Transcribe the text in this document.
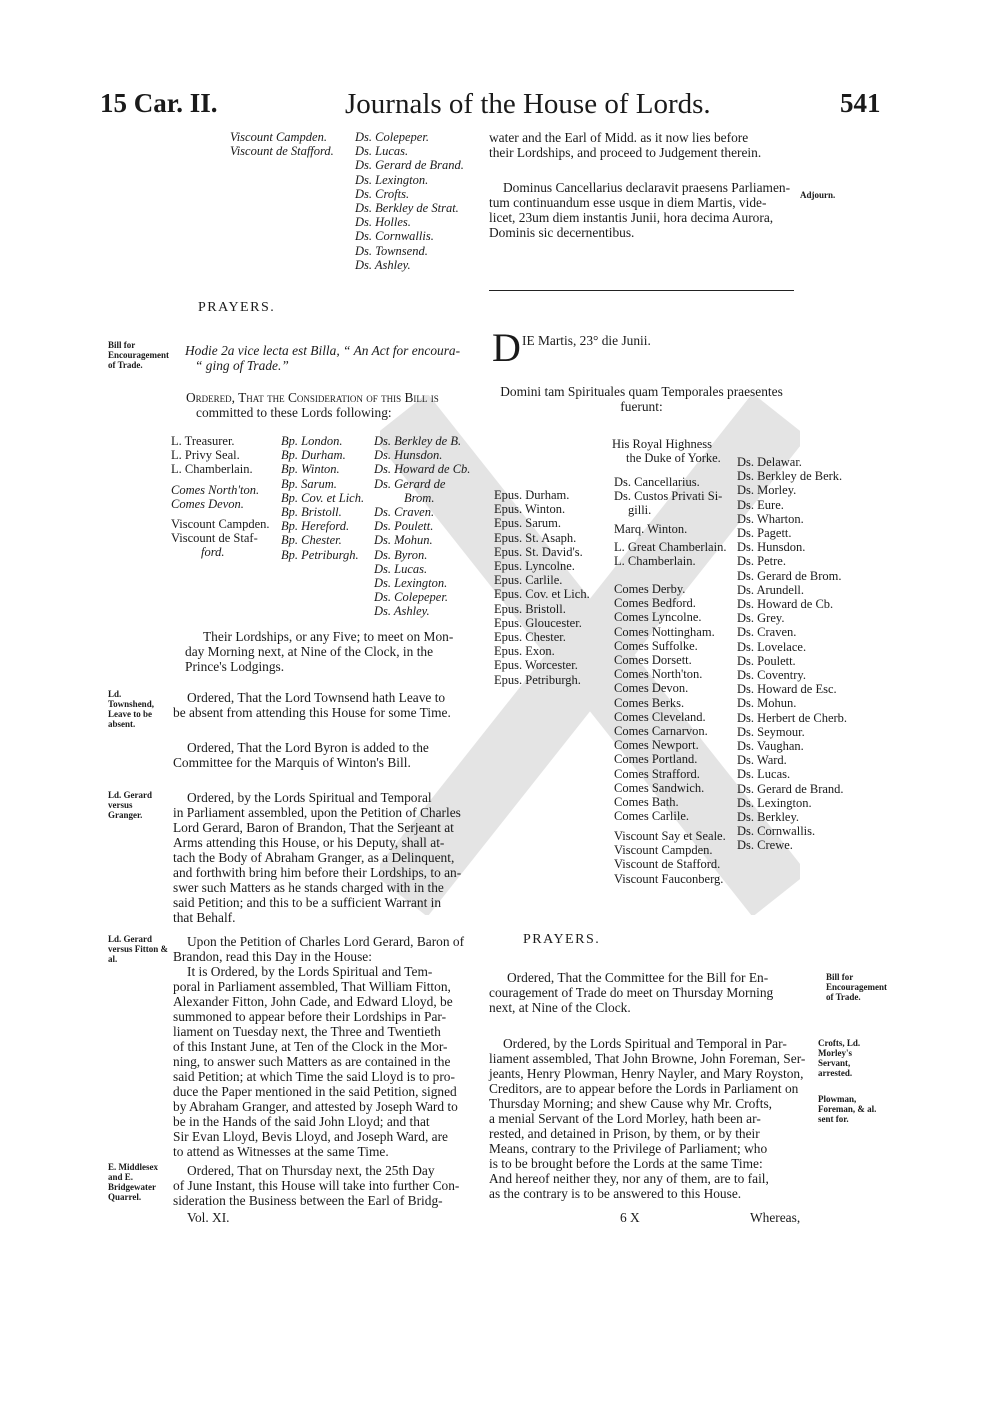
15 Car. II.	Journals of the House of Lords.	541
Viscount Campden.
Viscount de Stafford.
Ds. Colepeper.
Ds. Lucas.
Ds. Gerard de Brand.
Ds. Lexington.
Ds. Crofts.
Ds. Berkley de Strat.
Ds. Holles.
Ds. Cornwallis.
Ds. Townsend.
Ds. Ashley.
PRAYERS.
Bill for Encouragement of Trade.
Hodie 2a vice lecta est Billa, “ An Act for encoura-
“ ging of Trade.”
Ordered, That the Consideration of this Bill is
committed to these Lords following:
L. Treasurer.
L. Privy Seal.
L. Chamberlain.
Comes North'ton.
Comes Devon.
Viscount Campden.
Viscount de Staf-
ford.
Bp. London.
Bp. Durham.
Bp. Winton.
Bp. Sarum.
Bp. Cov. et Lich.
Bp. Bristoll.
Bp. Hereford.
Bp. Chester.
Bp. Petriburgh.
Ds. Berkley de B.
Ds. Hunsdon.
Ds. Howard de Cb.
Ds. Gerard de
Brom.
Ds. Craven.
Ds. Poulett.
Ds. Mohun.
Ds. Byron.
Ds. Lucas.
Ds. Lexington.
Ds. Colepeper.
Ds. Ashley.
Their Lordships, or any Five; to meet on Mon-
day Morning next, at Nine of the Clock, in the
Prince's Lodgings.
Ld. Townshend, Leave to be absent.
Ordered, That the Lord Townsend hath Leave to
be absent from attending this House for some Time.
Ordered, That the Lord Byron is added to the
Committee for the Marquis of Winton's Bill.
Ld. Gerard versus Granger.
Ordered, by the Lords Spiritual and Temporal
in Parliament assembled, upon the Petition of Charles
Lord Gerard, Baron of Brandon, That the Serjeant at
Arms attending this House, or his Deputy, shall at-
tach the Body of Abraham Granger, as a Delinquent,
and forthwith bring him before their Lordships, to an-
swer such Matters as he stands charged with in the
said Petition; and this to be a sufficient Warrant in
that Behalf.
Ld. Gerard versus Fitton & al.
Upon the Petition of Charles Lord Gerard, Baron of
Brandon, read this Day in the House:
It is Ordered, by the Lords Spiritual and Tem-
poral in Parliament assembled, That William Fitton,
Alexander Fitton, John Cade, and Edward Lloyd, be
summoned to appear before their Lordships in Par-
liament on Tuesday next, the Three and Twentieth
of this Instant June, at Ten of the Clock in the Mor-
ning, to answer such Matters as are contained in the
said Petition; at which Time the said Lloyd is to pro-
duce the Paper mentioned in the said Petition, signed
by Abraham Granger, and attested by Joseph Ward to
be in the Hands of the said John Lloyd; and that
Sir Evan Lloyd, Bevis Lloyd, and Joseph Ward, are
to attend as Witnesses at the same Time.
E. Middlesex and E. Bridgewater Quarrel.
Ordered, That on Thursday next, the 25th Day
of June Instant, this House will take into further Con-
sideration the Business between the Earl of Bridg-
Vol. XI.
water and the Earl of Midd. as it now lies before
their Lordships, and proceed to Judgement therein.
Dominus Cancellarius declaravit praesens Parliamen-
tum continuandum esse usque in diem Martis, vide-
licet, 23um diem instantis Junii, hora decima Aurora,
Dominis sic decernentibus.
Adjourn.
D IE Martis, 23° die Junii.
Domini tam Spirituales quam Temporales praesentes
fuerunt:
His Royal Highness
the Duke of Yorke.
Epus. Durham.
Epus. Winton.
Epus. Sarum.
Epus. St. Asaph.
Epus. St. David's.
Epus. Lyncolne.
Epus. Carlile.
Epus. Cov. et Lich.
Epus. Bristoll.
Epus. Gloucester.
Epus. Chester.
Epus. Exon.
Epus. Worcester.
Epus. Petriburgh.
Ds. Cancellarius.
Ds. Custos Privati Si-
gilli.
Marq. Winton.
L. Great Chamberlain.
L. Chamberlain.
Comes Derby.
Comes Bedford.
Comes Lyncolne.
Comes Nottingham.
Comes Suffolke.
Comes Dorsett.
Comes North'ton.
Comes Devon.
Comes Berks.
Comes Cleveland.
Comes Carnarvon.
Comes Newport.
Comes Portland.
Comes Strafford.
Comes Sandwich.
Comes Bath.
Comes Carlile.
Viscount Say et Seale.
Viscount Campden.
Viscount de Stafford.
Viscount Fauconberg.
Ds. Delawar.
Ds. Berkley de Berk.
Ds. Morley.
Ds. Eure.
Ds. Wharton.
Ds. Pagett.
Ds. Hunsdon.
Ds. Petre.
Ds. Gerard de Brom.
Ds. Arundell.
Ds. Howard de Cb.
Ds. Grey.
Ds. Craven.
Ds. Lovelace.
Ds. Poulett.
Ds. Coventry.
Ds. Howard de Esc.
Ds. Mohun.
Ds. Herbert de Cherb.
Ds. Seymour.
Ds. Vaughan.
Ds. Ward.
Ds. Lucas.
Ds. Gerard de Brand.
Ds. Lexington.
Ds. Berkley.
Ds. Cornwallis.
Ds. Crewe.
PRAYERS.
Ordered, That the Committee for the Bill for En-
couragement of Trade do meet on Thursday Morning
next, at Nine of the Clock.
Bill for Encouragement of Trade.
Ordered, by the Lords Spiritual and Temporal in Par-
liament assembled, That John Browne, John Foreman, Ser-
jeants, Henry Plowman, Henry Nayler, and Mary Royston,
Creditors, are to appear before the Lords in Parliament on
Thursday Morning; and shew Cause why Mr. Crofts,
a menial Servant of the Lord Morley, hath been ar-
rested, and detained in Prison, by them, or by their
Means, contrary to the Privilege of Parliament; who
is to be brought before the Lords at the same Time:
And hereof neither they, nor any of them, are to fail,
as the contrary is to be answered to this House.
Crofts, Ld. Morley's Servant, arrested.
Plowman, Foreman, & al. sent for.
6 X	Whereas,
